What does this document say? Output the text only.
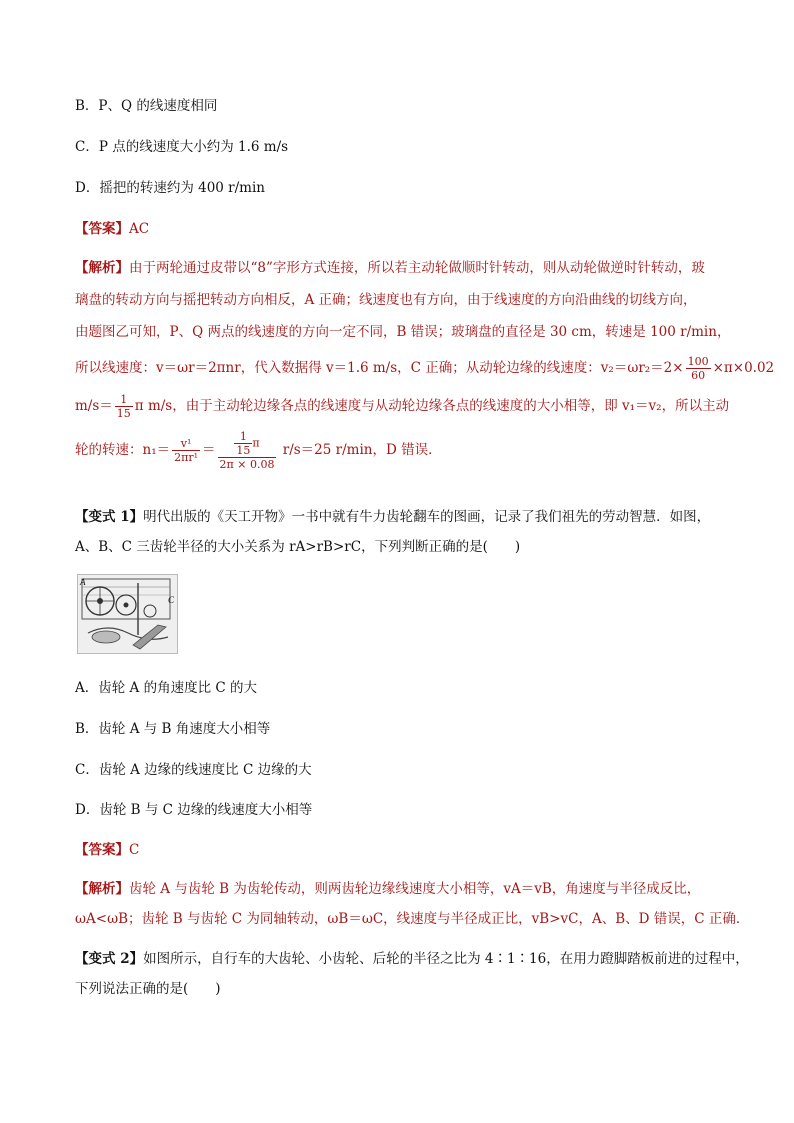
B．P、Q 的线速度相同
C．P 点的线速度大小约为 1.6 m/s
D．摇把的转速约为 400 r/min
【答案】AC
【解析】由于两轮通过皮带以“8”字形方式连接，所以若主动轮做顺时针转动，则从动轮做逆时针转动，玻
璃盘的转动方向与摇把转动方向相反，A 正确；线速度也有方向，由于线速度的方向沿曲线的切线方向，
由题图乙可知，P、Q 两点的线速度的方向一定不同，B 错误；玻璃盘的直径是 30 cm，转速是 100 r/min，
所以线速度：v＝ωr＝2πnr，代入数据得 v＝1.6 m/s，C 正确；从动轮边缘的线速度：$v_2=\omega r_2=2\times \frac{100}{60} \times\pi\times 0.02$
$m/s= \frac{1}{15}$ π m/s，由于主动轮边缘各点的线速度与从动轮边缘各点的线速度的大小相等，即 v₁＝v₂，所以主动
轮的转速：$n_1= \frac{\text{v¹}}{\text{2πr¹}} = \frac{\frac{1}{15} \pi}{2\pi \times 0.08} r/s=25$ r/min，D 错误．
【变式 1】明代出版的《天工开物》一书中就有牛力齿轮翻车的图画，记录了我们祖先的劳动智慧．如图，
A、B、C 三齿轮半径的大小关系为 rA>rB>rC，下列判断正确的是(　　)
A
C
A．齿轮 A 的角速度比 C 的大
B．齿轮 A 与 B 角速度大小相等
C．齿轮 A 边缘的线速度比 C 边缘的大
D．齿轮 B 与 C 边缘的线速度大小相等
【答案】C
【解析】齿轮 A 与齿轮 B 为齿轮传动，则两齿轮边缘线速度大小相等，vA＝vB，角速度与半径成反比，
ωA<ωB；齿轮 B 与齿轮 C 为同轴转动，ωB＝ωC，线速度与半径成正比，vB>vC，A、B、D 错误，C 正确．
【变式 2】如图所示，自行车的大齿轮、小齿轮、后轮的半径之比为 4∶1∶16，在用力蹬脚踏板前进的过程中，
下列说法正确的是(　　)
